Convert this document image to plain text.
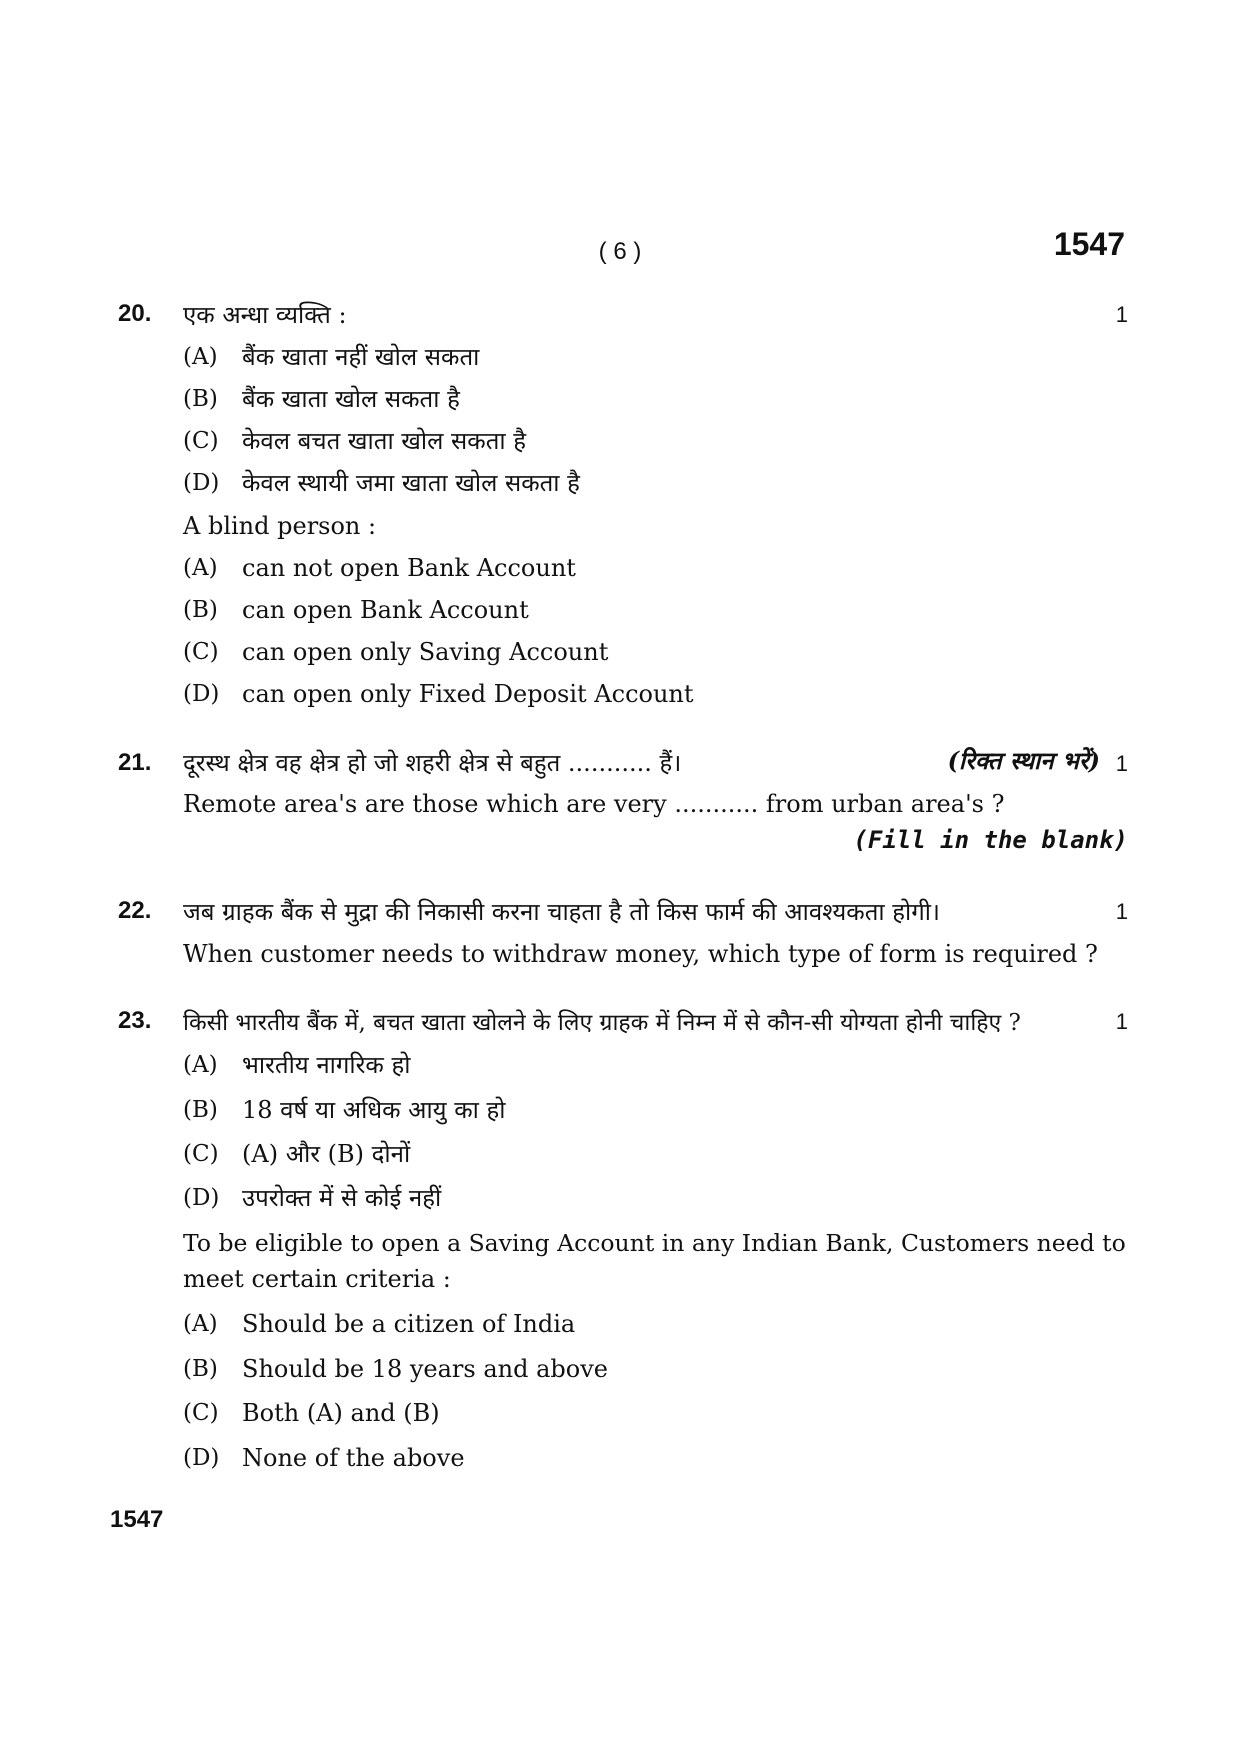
( 6 )	1547
20. एक अन्धा व्यक्ति :	1
(A) बैंक खाता नहीं खोल सकता
(B) बैंक खाता खोल सकता है
(C) केवल बचत खाता खोल सकता है
(D) केवल स्थायी जमा खाता खोल सकता है
A blind person :
(A) can not open Bank Account
(B) can open Bank Account
(C) can open only Saving Account
(D) can open only Fixed Deposit Account
21. दूरस्थ क्षेत्र वह क्षेत्र हो जो शहरी क्षेत्र से बहुत ........... हैं।	(रिक्त स्थान भरें) 1
Remote area's are those which are very ........... from urban area's ?
(Fill in the blank)
22. जब ग्राहक बैंक से मुद्रा की निकासी करना चाहता है तो किस फार्म की आवश्यकता होगी।	1
When customer needs to withdraw money, which type of form is required ?
23. किसी भारतीय बैंक में, बचत खाता खोलने के लिए ग्राहक में निम्न में से कौन-सी योग्यता होनी चाहिए ?	1
(A) भारतीय नागरिक हो
(B) 18 वर्ष या अधिक आयु का हो
(C) (A) और (B) दोनों
(D) उपरोक्त में से कोई नहीं
To be eligible to open a Saving Account in any Indian Bank, Customers need to
meet certain criteria :
(A) Should be a citizen of India
(B) Should be 18 years and above
(C) Both (A) and (B)
(D) None of the above
1547
